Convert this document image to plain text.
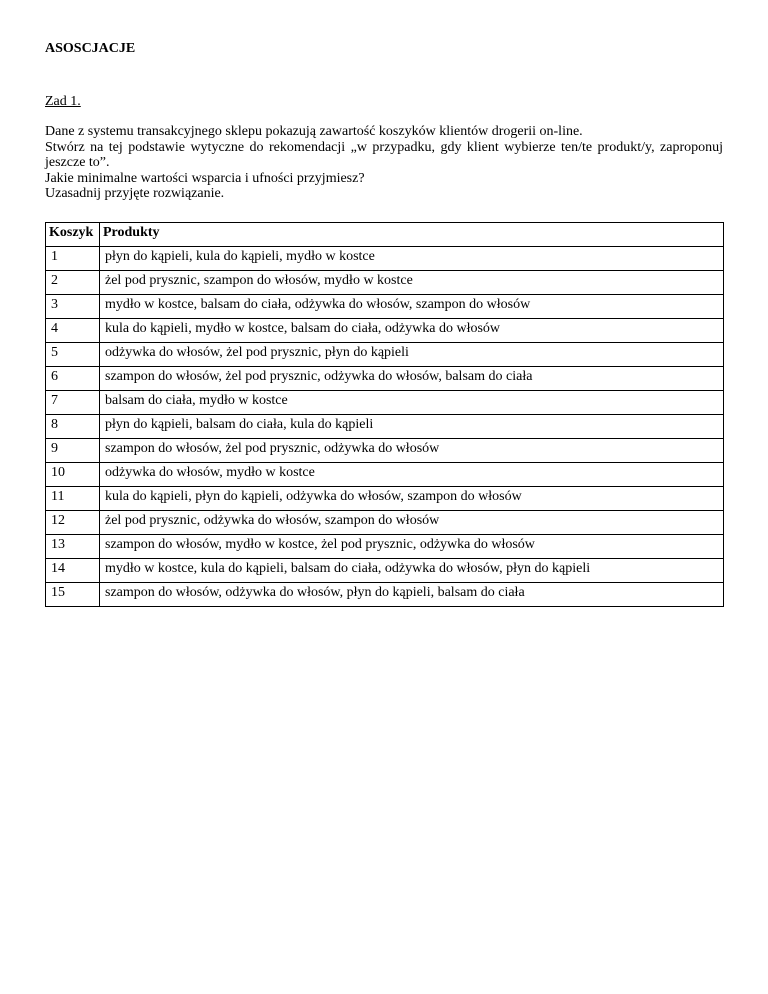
ASOSCJACJE

Zad 1.

Dane z systemu transakcyjnego sklepu pokazują zawartość koszyków klientów drogerii on-line.

Stwórz na tej podstawie wytyczne do rekomendacji „w przypadku, gdy klient wybierze ten/te produkt/y, zaproponuj jeszcze to”.

Jakie minimalne wartości wsparcia i ufności przyjmiesz?

Uzasadnij przyjęte rozwiązanie.

Koszyk	Produkty
1	płyn do kąpieli, kula do kąpieli, mydło w kostce
2	żel pod prysznic, szampon do włosów, mydło w kostce
3	mydło w kostce, balsam do ciała, odżywka do włosów, szampon do włosów
4	kula do kąpieli, mydło w kostce, balsam do ciała, odżywka do włosów
5	odżywka do włosów, żel pod prysznic, płyn do kąpieli
6	szampon do włosów, żel pod prysznic, odżywka do włosów, balsam do ciała
7	balsam do ciała, mydło w kostce
8	płyn do kąpieli, balsam do ciała, kula do kąpieli
9	szampon do włosów, żel pod prysznic, odżywka do włosów
10	odżywka do włosów, mydło w kostce
11	kula do kąpieli, płyn do kąpieli, odżywka do włosów, szampon do włosów
12	żel pod prysznic, odżywka do włosów, szampon do włosów
13	szampon do włosów, mydło w kostce, żel pod prysznic, odżywka do włosów
14	mydło w kostce, kula do kąpieli, balsam do ciała, odżywka do włosów, płyn do kąpieli
15	szampon do włosów, odżywka do włosów, płyn do kąpieli, balsam do ciała
